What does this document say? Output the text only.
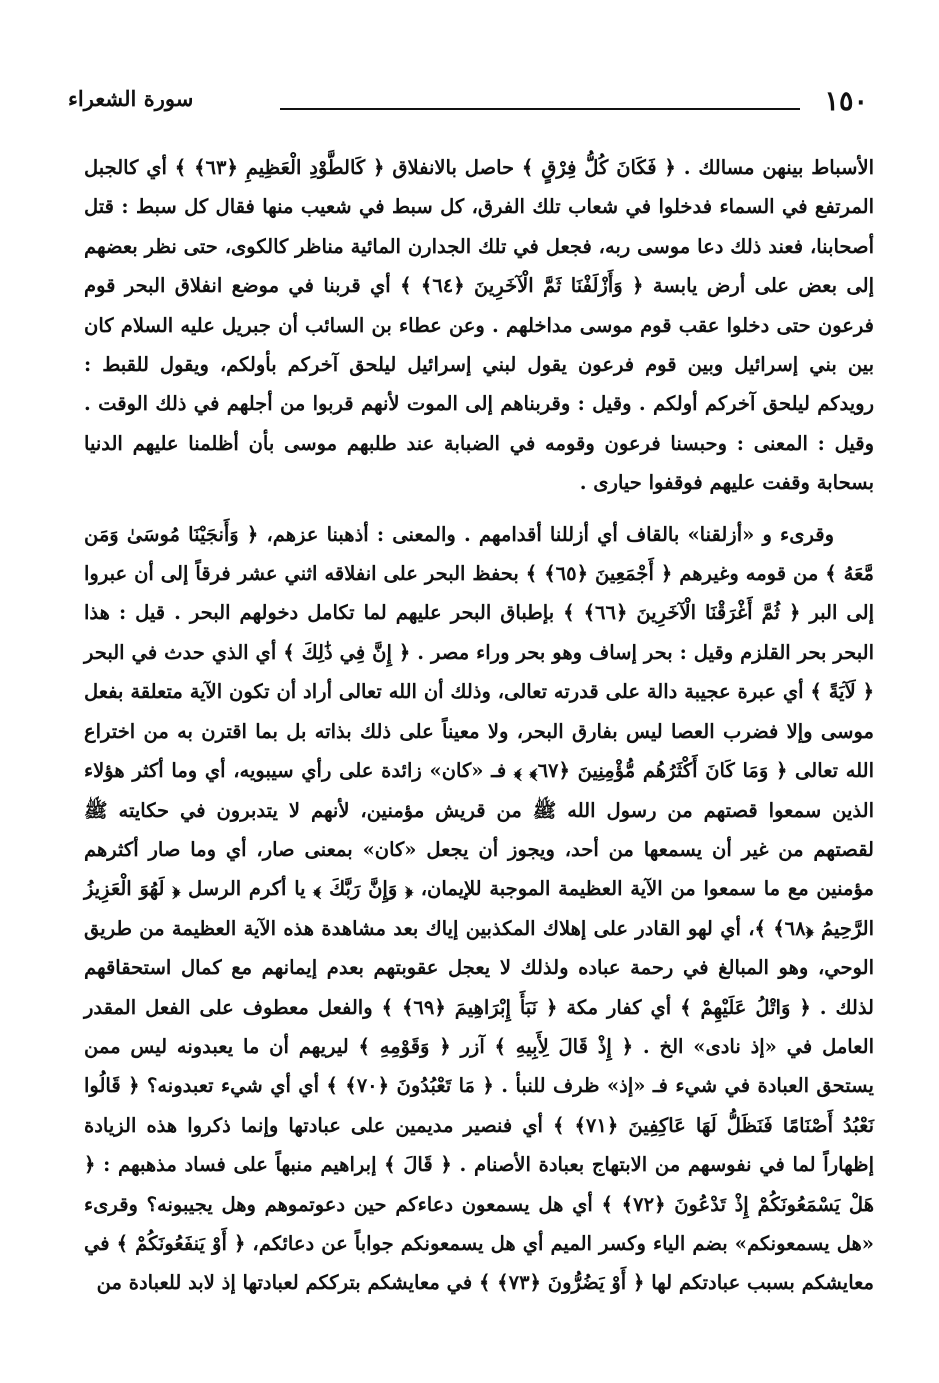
١٥٠
سورة الشعراء

الأسباط بينهن مسالك . ﴿ فَكَانَ كُلُّ فِرْقٍ ﴾ حاصل بالانفلاق ﴿ كَالطَّوْدِ الْعَظِيمِ ﴿٦٣﴾ ﴾ أي كالجبل المرتفع في السماء فدخلوا في شعاب تلك الفرق، كل سبط في شعيب منها فقال كل سبط : قتل أصحابنا، فعند ذلك دعا موسى ربه، فجعل في تلك الجدارن المائية مناظر كالكوى، حتى نظر بعضهم إلى بعض على أرض يابسة ﴿ وَأَزْلَفْنَا ثَمَّ الْآخَرِينَ ﴿٦٤﴾ ﴾ أي قربنا في موضع انفلاق البحر قوم فرعون حتى دخلوا عقب قوم موسى مداخلهم . وعن عطاء بن السائب أن جبريل عليه السلام كان بين بني إسرائيل وبين قوم فرعون يقول لبني إسرائيل ليلحق آخركم بأولكم، ويقول للقبط : رويدكم ليلحق آخركم أولكم . وقيل : وقربناهم إلى الموت لأنهم قربوا من أجلهم في ذلك الوقت . وقيل : المعنى : وحبسنا فرعون وقومه في الضبابة عند طلبهم موسى بأن أظلمنا عليهم الدنيا بسحابة وقفت عليهم فوقفوا حيارى .

وقرىء و «أزلقنا» بالقاف أي أزللنا أقدامهم . والمعنى : أذهبنا عزهم، ﴿ وَأَنجَيْنَا مُوسَىٰ وَمَن مَّعَهُ ﴾ من قومه وغيرهم ﴿ أَجْمَعِينَ ﴿٦٥﴾ ﴾ بحفظ البحر على انفلاقه اثني عشر فرقاً إلى أن عبروا إلى البر ﴿ ثُمَّ أَغْرَقْنَا الْآخَرِينَ ﴿٦٦﴾ ﴾ بإطباق البحر عليهم لما تكامل دخولهم البحر . قيل : هذا البحر بحر القلزم وقيل : بحر إساف وهو بحر وراء مصر . ﴿ إِنَّ فِي ذَٰلِكَ ﴾ أي الذي حدث في البحر ﴿ لَآيَةً ﴾ أي عبرة عجيبة دالة على قدرته تعالى، وذلك أن الله تعالى أراد أن تكون الآية متعلقة بفعل موسى وإلا فضرب العصا ليس بفارق البحر، ولا معيناً على ذلك بذاته بل بما اقترن به من اختراع الله تعالى ﴿ وَمَا كَانَ أَكْثَرُهُم مُّؤْمِنِينَ ﴿٦٧﴾ ﴾ فـ «كان» زائدة على رأي سيبويه، أي وما أكثر هؤلاء الذين سمعوا قصتهم من رسول الله ﷺ من قريش مؤمنين، لأنهم لا يتدبرون في حكايته ﷺ لقصتهم من غير أن يسمعها من أحد، ويجوز أن يجعل «كان» بمعنى صار، أي وما صار أكثرهم مؤمنين مع ما سمعوا من الآية العظيمة الموجبة للإيمان، ﴿ وَإِنَّ رَبَّكَ ﴾ يا أكرم الرسل ﴿ لَهُوَ الْعَزِيزُ الرَّحِيمُ ﴿٦٨﴾ ﴾، أي لهو القادر على إهلاك المكذبين إياك بعد مشاهدة هذه الآية العظيمة من طريق الوحي، وهو المبالغ في رحمة عباده ولذلك لا يعجل عقوبتهم بعدم إيمانهم مع كمال استحقاقهم لذلك . ﴿ وَاتْلُ عَلَيْهِمْ ﴾ أي كفار مكة ﴿ نَبَأَ إِبْرَاهِيمَ ﴿٦٩﴾ ﴾ والفعل معطوف على الفعل المقدر العامل في «إذ نادى» الخ . ﴿ إِذْ قَالَ لِأَبِيهِ ﴾ آزر ﴿ وَقَوْمِهِ ﴾ ليريهم أن ما يعبدونه ليس ممن يستحق العبادة في شيء فـ «إذ» ظرف للنبأ . ﴿ مَا تَعْبُدُونَ ﴿٧٠﴾ ﴾ أي أي شيء تعبدونه؟ ﴿ قَالُوا نَعْبُدُ أَصْنَامًا فَنَظَلُّ لَهَا عَاكِفِينَ ﴿٧١﴾ ﴾ أي فنصير مديمين على عبادتها وإنما ذكروا هذه الزيادة إظهاراً لما في نفوسهم من الابتهاج بعبادة الأصنام . ﴿ قَالَ ﴾ إبراهيم منبهاً على فساد مذهبهم : ﴿ هَلْ يَسْمَعُونَكُمْ إِذْ تَدْعُونَ ﴿٧٢﴾ ﴾ أي هل يسمعون دعاءكم حين دعوتموهم وهل يجيبونه؟ وقرىء «هل يسمعونكم» بضم الياء وكسر الميم أي هل يسمعونكم جواباً عن دعائكم، ﴿ أَوْ يَنفَعُونَكُمْ ﴾ في معايشكم بسبب عبادتكم لها ﴿ أَوْ يَضُرُّونَ ﴿٧٣﴾ ﴾ في معايشكم بترككم لعبادتها إذ لابد للعبادة من
